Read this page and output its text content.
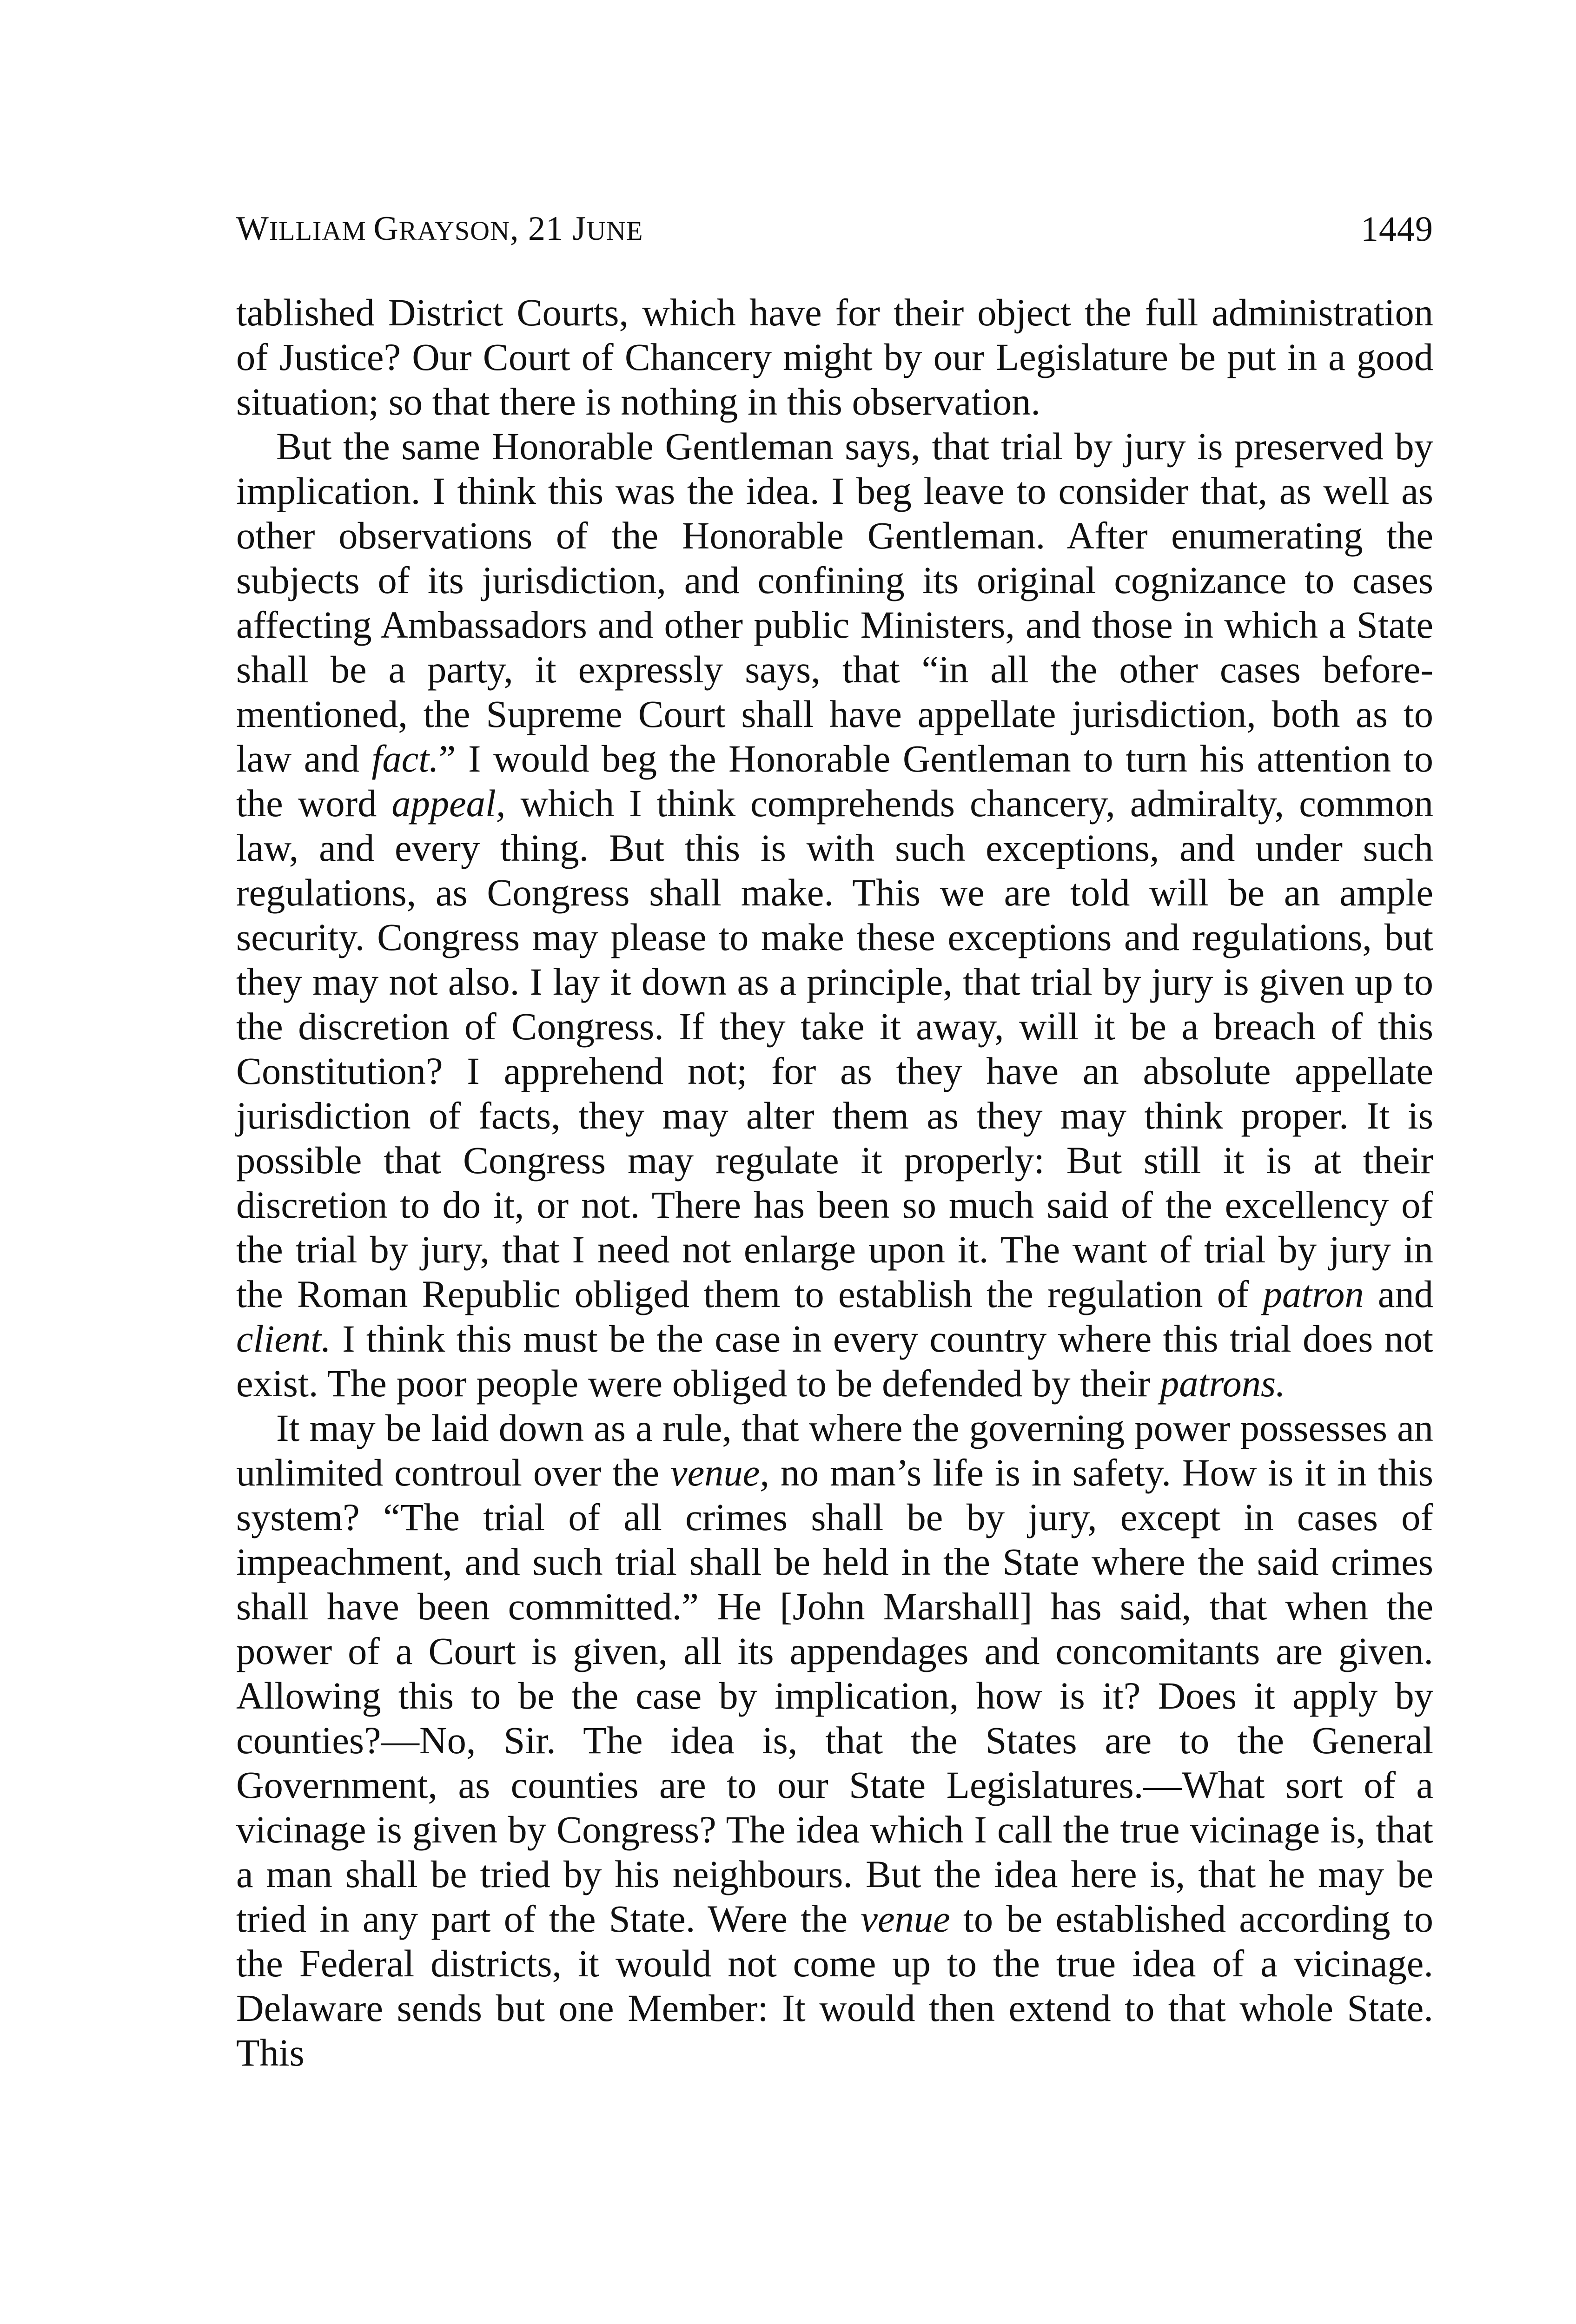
WILLIAM GRAYSON, 21 JUNE	1449

tablished District Courts, which have for their object the full administration of Justice? Our Court of Chancery might by our Legislature be put in a good situation; so that there is nothing in this observation.

But the same Honorable Gentleman says, that trial by jury is preserved by implication. I think this was the idea. I beg leave to consider that, as well as other observations of the Honorable Gentleman. After enumerating the subjects of its jurisdiction, and confining its original cognizance to cases affecting Ambassadors and other public Ministers, and those in which a State shall be a party, it expressly says, that “in all the other cases before-mentioned, the Supreme Court shall have appellate jurisdiction, both as to law and fact.” I would beg the Honorable Gentleman to turn his attention to the word appeal, which I think comprehends chancery, admiralty, common law, and every thing. But this is with such exceptions, and under such regulations, as Congress shall make. This we are told will be an ample security. Congress may please to make these exceptions and regulations, but they may not also. I lay it down as a principle, that trial by jury is given up to the discretion of Congress. If they take it away, will it be a breach of this Constitution? I apprehend not; for as they have an absolute appellate jurisdiction of facts, they may alter them as they may think proper. It is possible that Congress may regulate it properly: But still it is at their discretion to do it, or not. There has been so much said of the excellency of the trial by jury, that I need not enlarge upon it. The want of trial by jury in the Roman Republic obliged them to establish the regulation of patron and client. I think this must be the case in every country where this trial does not exist. The poor people were obliged to be defended by their patrons.

It may be laid down as a rule, that where the governing power possesses an unlimited controul over the venue, no man’s life is in safety. How is it in this system? “The trial of all crimes shall be by jury, except in cases of impeachment, and such trial shall be held in the State where the said crimes shall have been committed.” He [John Marshall] has said, that when the power of a Court is given, all its appendages and concomitants are given. Allowing this to be the case by implication, how is it? Does it apply by counties?—No, Sir. The idea is, that the States are to the General Government, as counties are to our State Legislatures.—What sort of a vicinage is given by Congress? The idea which I call the true vicinage is, that a man shall be tried by his neighbours. But the idea here is, that he may be tried in any part of the State. Were the venue to be established according to the Federal districts, it would not come up to the true idea of a vicinage. Delaware sends but one Member: It would then extend to that whole State. This
